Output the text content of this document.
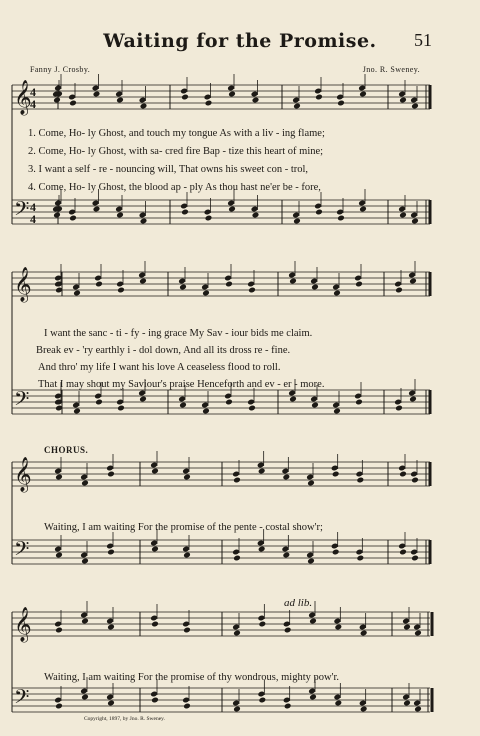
Waiting for the Promise.	51
Fanny J. Crosby.	Jno. R. Sweney.
𝄞
𝄢
𝄞
𝄢
𝄞
𝄢
𝄞
𝄢
4
4
4
4
1. Come, Ho- ly Ghost, and touch my tongue As with a liv - ing flame;
2. Come, Ho- ly Ghost, with sa- cred fire Bap - tize this heart of mine;
3. I want a self - re - nouncing will, That owns his sweet con - trol,
4. Come, Ho- ly Ghost, the blood ap - ply As thou hast ne'er be - fore,
I want the sanc - ti - fy - ing grace My Sav - iour bids me claim.
Break ev - 'ry earthly i - dol down, And all its dross re - fine.
And thro' my life I want his love A ceaseless flood to roll.
That I may shout my Saviour's praise Henceforth and ev - er - more.
CHORUS.
Waiting, I am waiting For the promise of the pente - costal show'r;
ad lib.
Waiting, I am waiting For the promise of thy wondrous, mighty pow'r.
Copyright, 1897, by Jno. R. Sweney.
